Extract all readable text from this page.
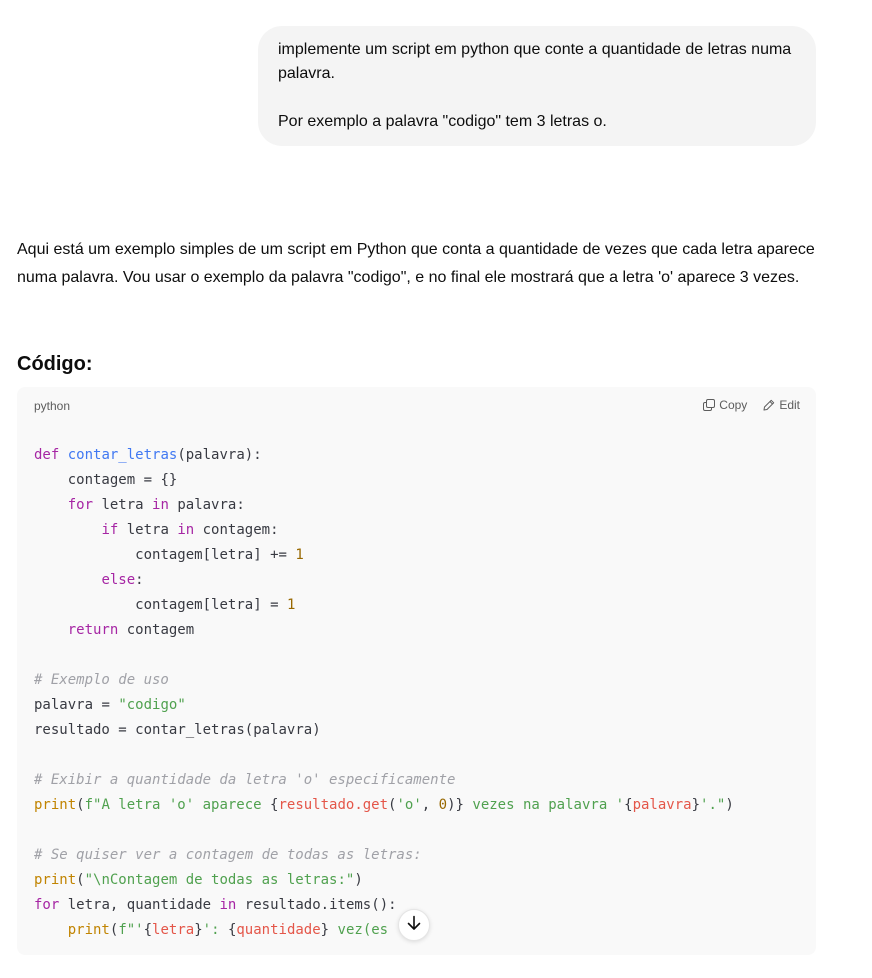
implemente um script em python que conte a quantidade de letras numa palavra.

Por exemplo a palavra "codigo" tem 3 letras o.

Aqui está um exemplo simples de um script em Python que conta a quantidade de vezes que cada letra aparece numa palavra. Vou usar o exemplo da palavra "codigo", e no final ele mostrará que a letra 'o' aparece 3 vezes.

Código:
python	Copy	Edit
def contar_letras(palavra):
contagem = {}
for letra in palavra:
if letra in contagem:
contagem[letra] += 1
else:
contagem[letra] = 1
return contagem

# Exemplo de uso
palavra = "codigo"
resultado = contar_letras(palavra)

# Exibir a quantidade da letra 'o' especificamente
print(f"A letra 'o' aparece {resultado.get('o', 0)} vezes na palavra '{palavra}'.")

# Se quiser ver a contagem de todas as letras:
print("\nContagem de todas as letras:")
for letra, quantidade in resultado.items():
print(f"'{letra}': {quantidade} vez(es
